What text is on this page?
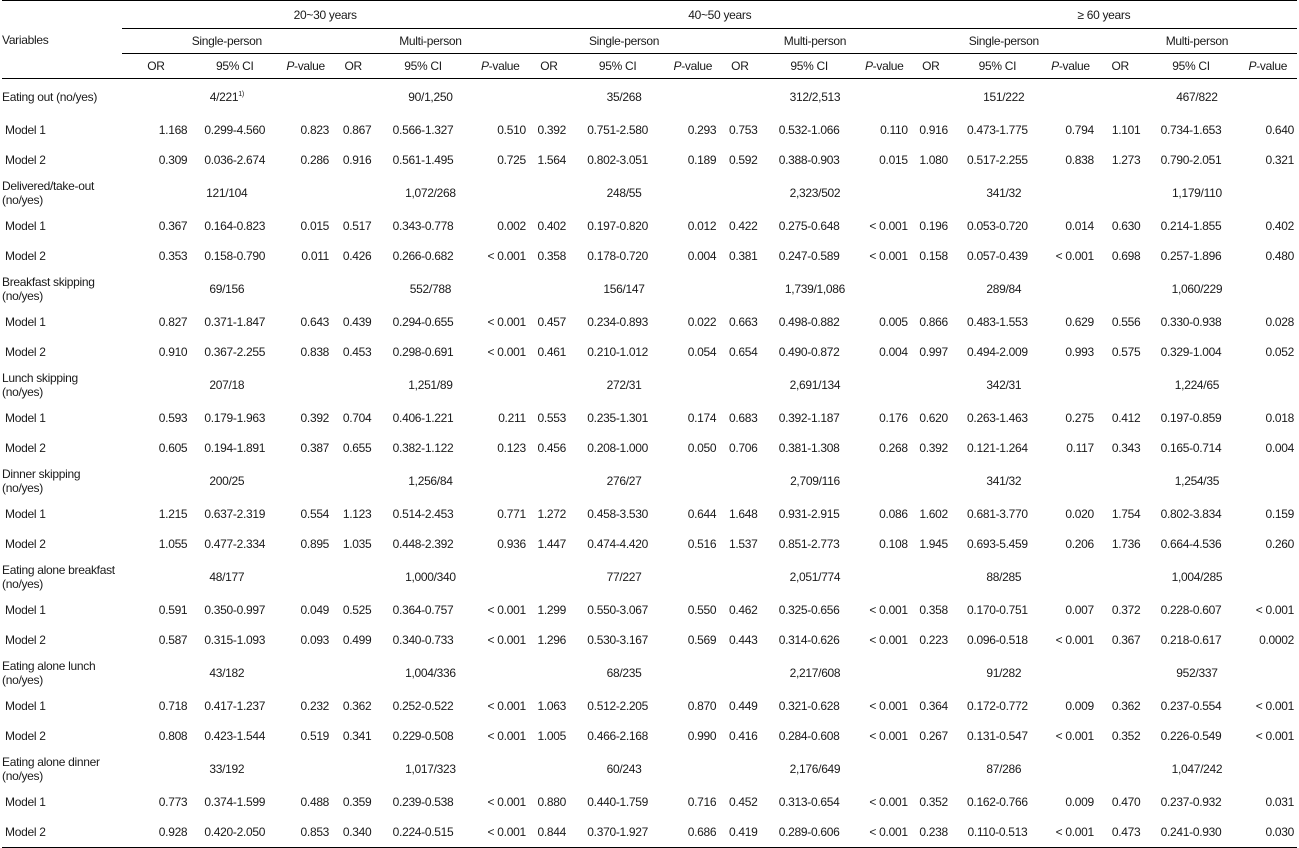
Variables	20~30 years						40~50 years						≥ 60 years					
	Single-person			Multi-person			Single-person			Multi-person			Single-person			Multi-person		
	OR	95% CI	P-value	OR	95% CI	P-value	OR	95% CI	P-value	OR	95% CI	P-value	OR	95% CI	P-value	OR	95% CI	P-value
Eating out (no/yes)	4/221$^{1)}$			90/1,250			35/268			312/2,513			151/222			467/822		
Model 1	1.168	0.299-4.560	0.823	0.867	0.566-1.327	0.510	0.392	0.751-2.580	0.293	0.753	0.532-1.066	0.110	0.916	0.473-1.775	0.794	1.101	0.734-1.653	0.640
Model 2	0.309	0.036-2.674	0.286	0.916	0.561-1.495	0.725	1.564	0.802-3.051	0.189	0.592	0.388-0.903	0.015	1.080	0.517-2.255	0.838	1.273	0.790-2.051	0.321
Delivered/take-out (no/yes)	121/104			1,072/268			248/55			2,323/502			341/32			1,179/110		
Model 1	0.367	0.164-0.823	0.015	0.517	0.343-0.778	0.002	0.402	0.197-0.820	0.012	0.422	0.275-0.648	< 0.001	0.196	0.053-0.720	0.014	0.630	0.214-1.855	0.402
Model 2	0.353	0.158-0.790	0.011	0.426	0.266-0.682	< 0.001	0.358	0.178-0.720	0.004	0.381	0.247-0.589	< 0.001	0.158	0.057-0.439	< 0.001	0.698	0.257-1.896	0.480
Breakfast skipping (no/yes)	69/156			552/788			156/147			1,739/1,086			289/84			1,060/229		
Model 1	0.827	0.371-1.847	0.643	0.439	0.294-0.655	< 0.001	0.457	0.234-0.893	0.022	0.663	0.498-0.882	0.005	0.866	0.483-1.553	0.629	0.556	0.330-0.938	0.028
Model 2	0.910	0.367-2.255	0.838	0.453	0.298-0.691	< 0.001	0.461	0.210-1.012	0.054	0.654	0.490-0.872	0.004	0.997	0.494-2.009	0.993	0.575	0.329-1.004	0.052
Lunch skipping (no/yes)	207/18			1,251/89			272/31			2,691/134			342/31			1,224/65		
Model 1	0.593	0.179-1.963	0.392	0.704	0.406-1.221	0.211	0.553	0.235-1.301	0.174	0.683	0.392-1.187	0.176	0.620	0.263-1.463	0.275	0.412	0.197-0.859	0.018
Model 2	0.605	0.194-1.891	0.387	0.655	0.382-1.122	0.123	0.456	0.208-1.000	0.050	0.706	0.381-1.308	0.268	0.392	0.121-1.264	0.117	0.343	0.165-0.714	0.004
Dinner skipping (no/yes)	200/25			1,256/84			276/27			2,709/116			341/32			1,254/35		
Model 1	1.215	0.637-2.319	0.554	1.123	0.514-2.453	0.771	1.272	0.458-3.530	0.644	1.648	0.931-2.915	0.086	1.602	0.681-3.770	0.020	1.754	0.802-3.834	0.159
Model 2	1.055	0.477-2.334	0.895	1.035	0.448-2.392	0.936	1.447	0.474-4.420	0.516	1.537	0.851-2.773	0.108	1.945	0.693-5.459	0.206	1.736	0.664-4.536	0.260
Eating alone breakfast (no/yes)	48/177			1,000/340			77/227			2,051/774			88/285			1,004/285		
Model 1	0.591	0.350-0.997	0.049	0.525	0.364-0.757	< 0.001	1.299	0.550-3.067	0.550	0.462	0.325-0.656	< 0.001	0.358	0.170-0.751	0.007	0.372	0.228-0.607	< 0.001
Model 2	0.587	0.315-1.093	0.093	0.499	0.340-0.733	< 0.001	1.296	0.530-3.167	0.569	0.443	0.314-0.626	< 0.001	0.223	0.096-0.518	< 0.001	0.367	0.218-0.617	0.0002
Eating alone lunch (no/yes)	43/182			1,004/336			68/235			2,217/608			91/282			952/337		
Model 1	0.718	0.417-1.237	0.232	0.362	0.252-0.522	< 0.001	1.063	0.512-2.205	0.870	0.449	0.321-0.628	< 0.001	0.364	0.172-0.772	0.009	0.362	0.237-0.554	< 0.001
Model 2	0.808	0.423-1.544	0.519	0.341	0.229-0.508	< 0.001	1.005	0.466-2.168	0.990	0.416	0.284-0.608	< 0.001	0.267	0.131-0.547	< 0.001	0.352	0.226-0.549	< 0.001
Eating alone dinner (no/yes)	33/192			1,017/323			60/243			2,176/649			87/286			1,047/242		
Model 1	0.773	0.374-1.599	0.488	0.359	0.239-0.538	< 0.001	0.880	0.440-1.759	0.716	0.452	0.313-0.654	< 0.001	0.352	0.162-0.766	0.009	0.470	0.237-0.932	0.031
Model 2	0.928	0.420-2.050	0.853	0.340	0.224-0.515	< 0.001	0.844	0.370-1.927	0.686	0.419	0.289-0.606	< 0.001	0.238	0.110-0.513	< 0.001	0.473	0.241-0.930	0.030
